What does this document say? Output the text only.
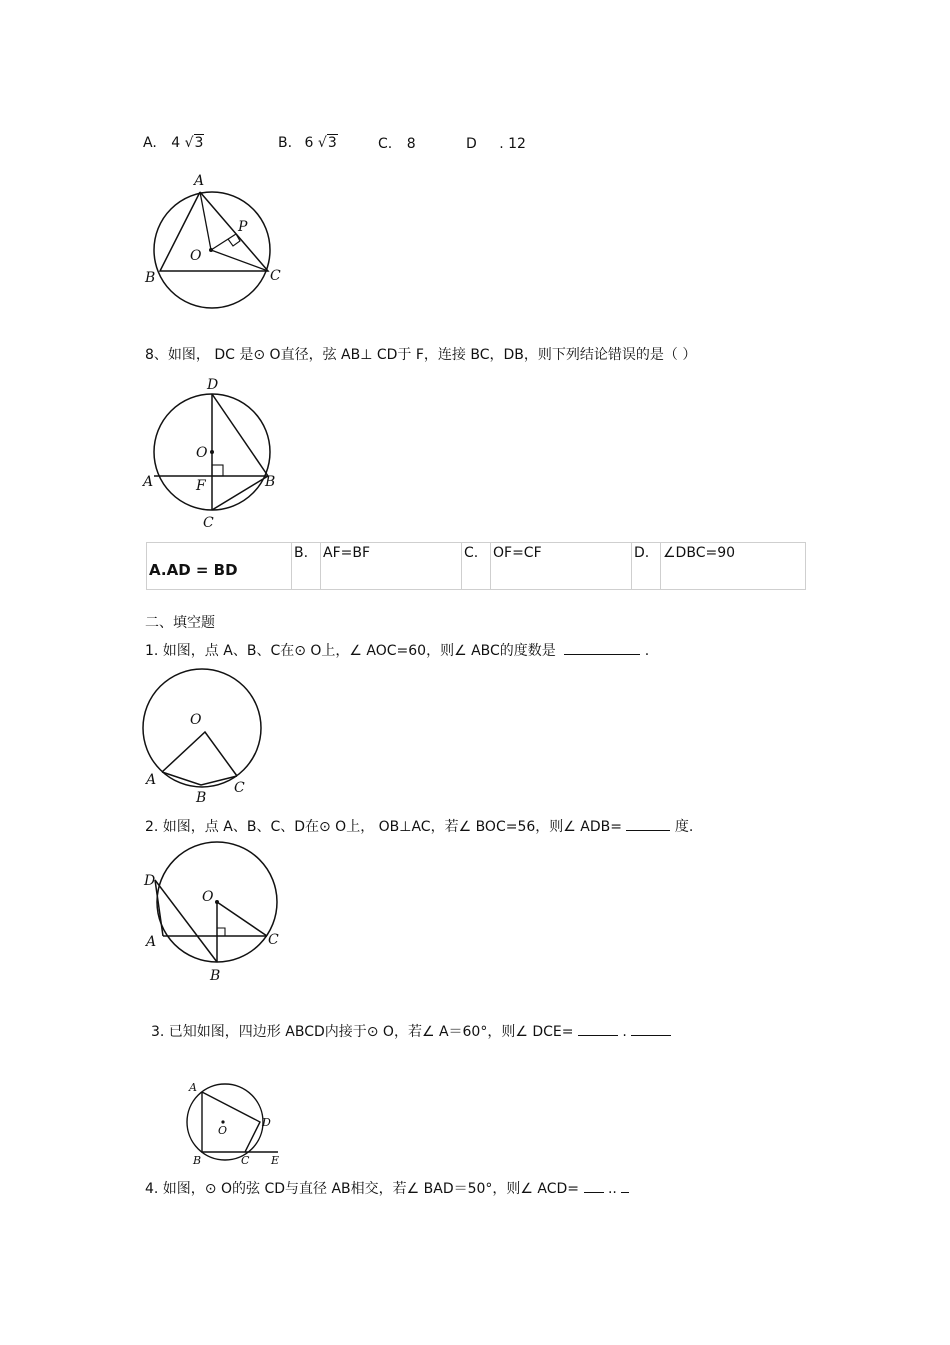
A. 4 √3	B. 6 √3	C. 8	D . 12
A
P
O
B	C
8、如图， DC 是⊙ O直径，弦 AB⊥ CD于 F，连接 BC，DB，则下列结论错误的是（ ）
D
O
A	F	B
C
A.AD = BD	B.	AF=BF	C.	OF=CF	D.	∠DBC=90
二、填空题
1. 如图，点 A、B、C在⊙ O上，∠ AOC=60，则∠ ABC的度数是	.
O
A
B
C
2. 如图，点 A、B、C、D在⊙ O上， OB⊥AC，若∠ BOC=56，则∠ ADB=	度.
D
O
A	C
B
3. 已知如图，四边形 ABCD内接于⊙ O，若∠ A＝60°，则∠ DCE=	.
A
O
D
B	C E
4. 如图，⊙ O的弦 CD与直径 AB相交，若∠ BAD＝50°，则∠ ACD= ..
